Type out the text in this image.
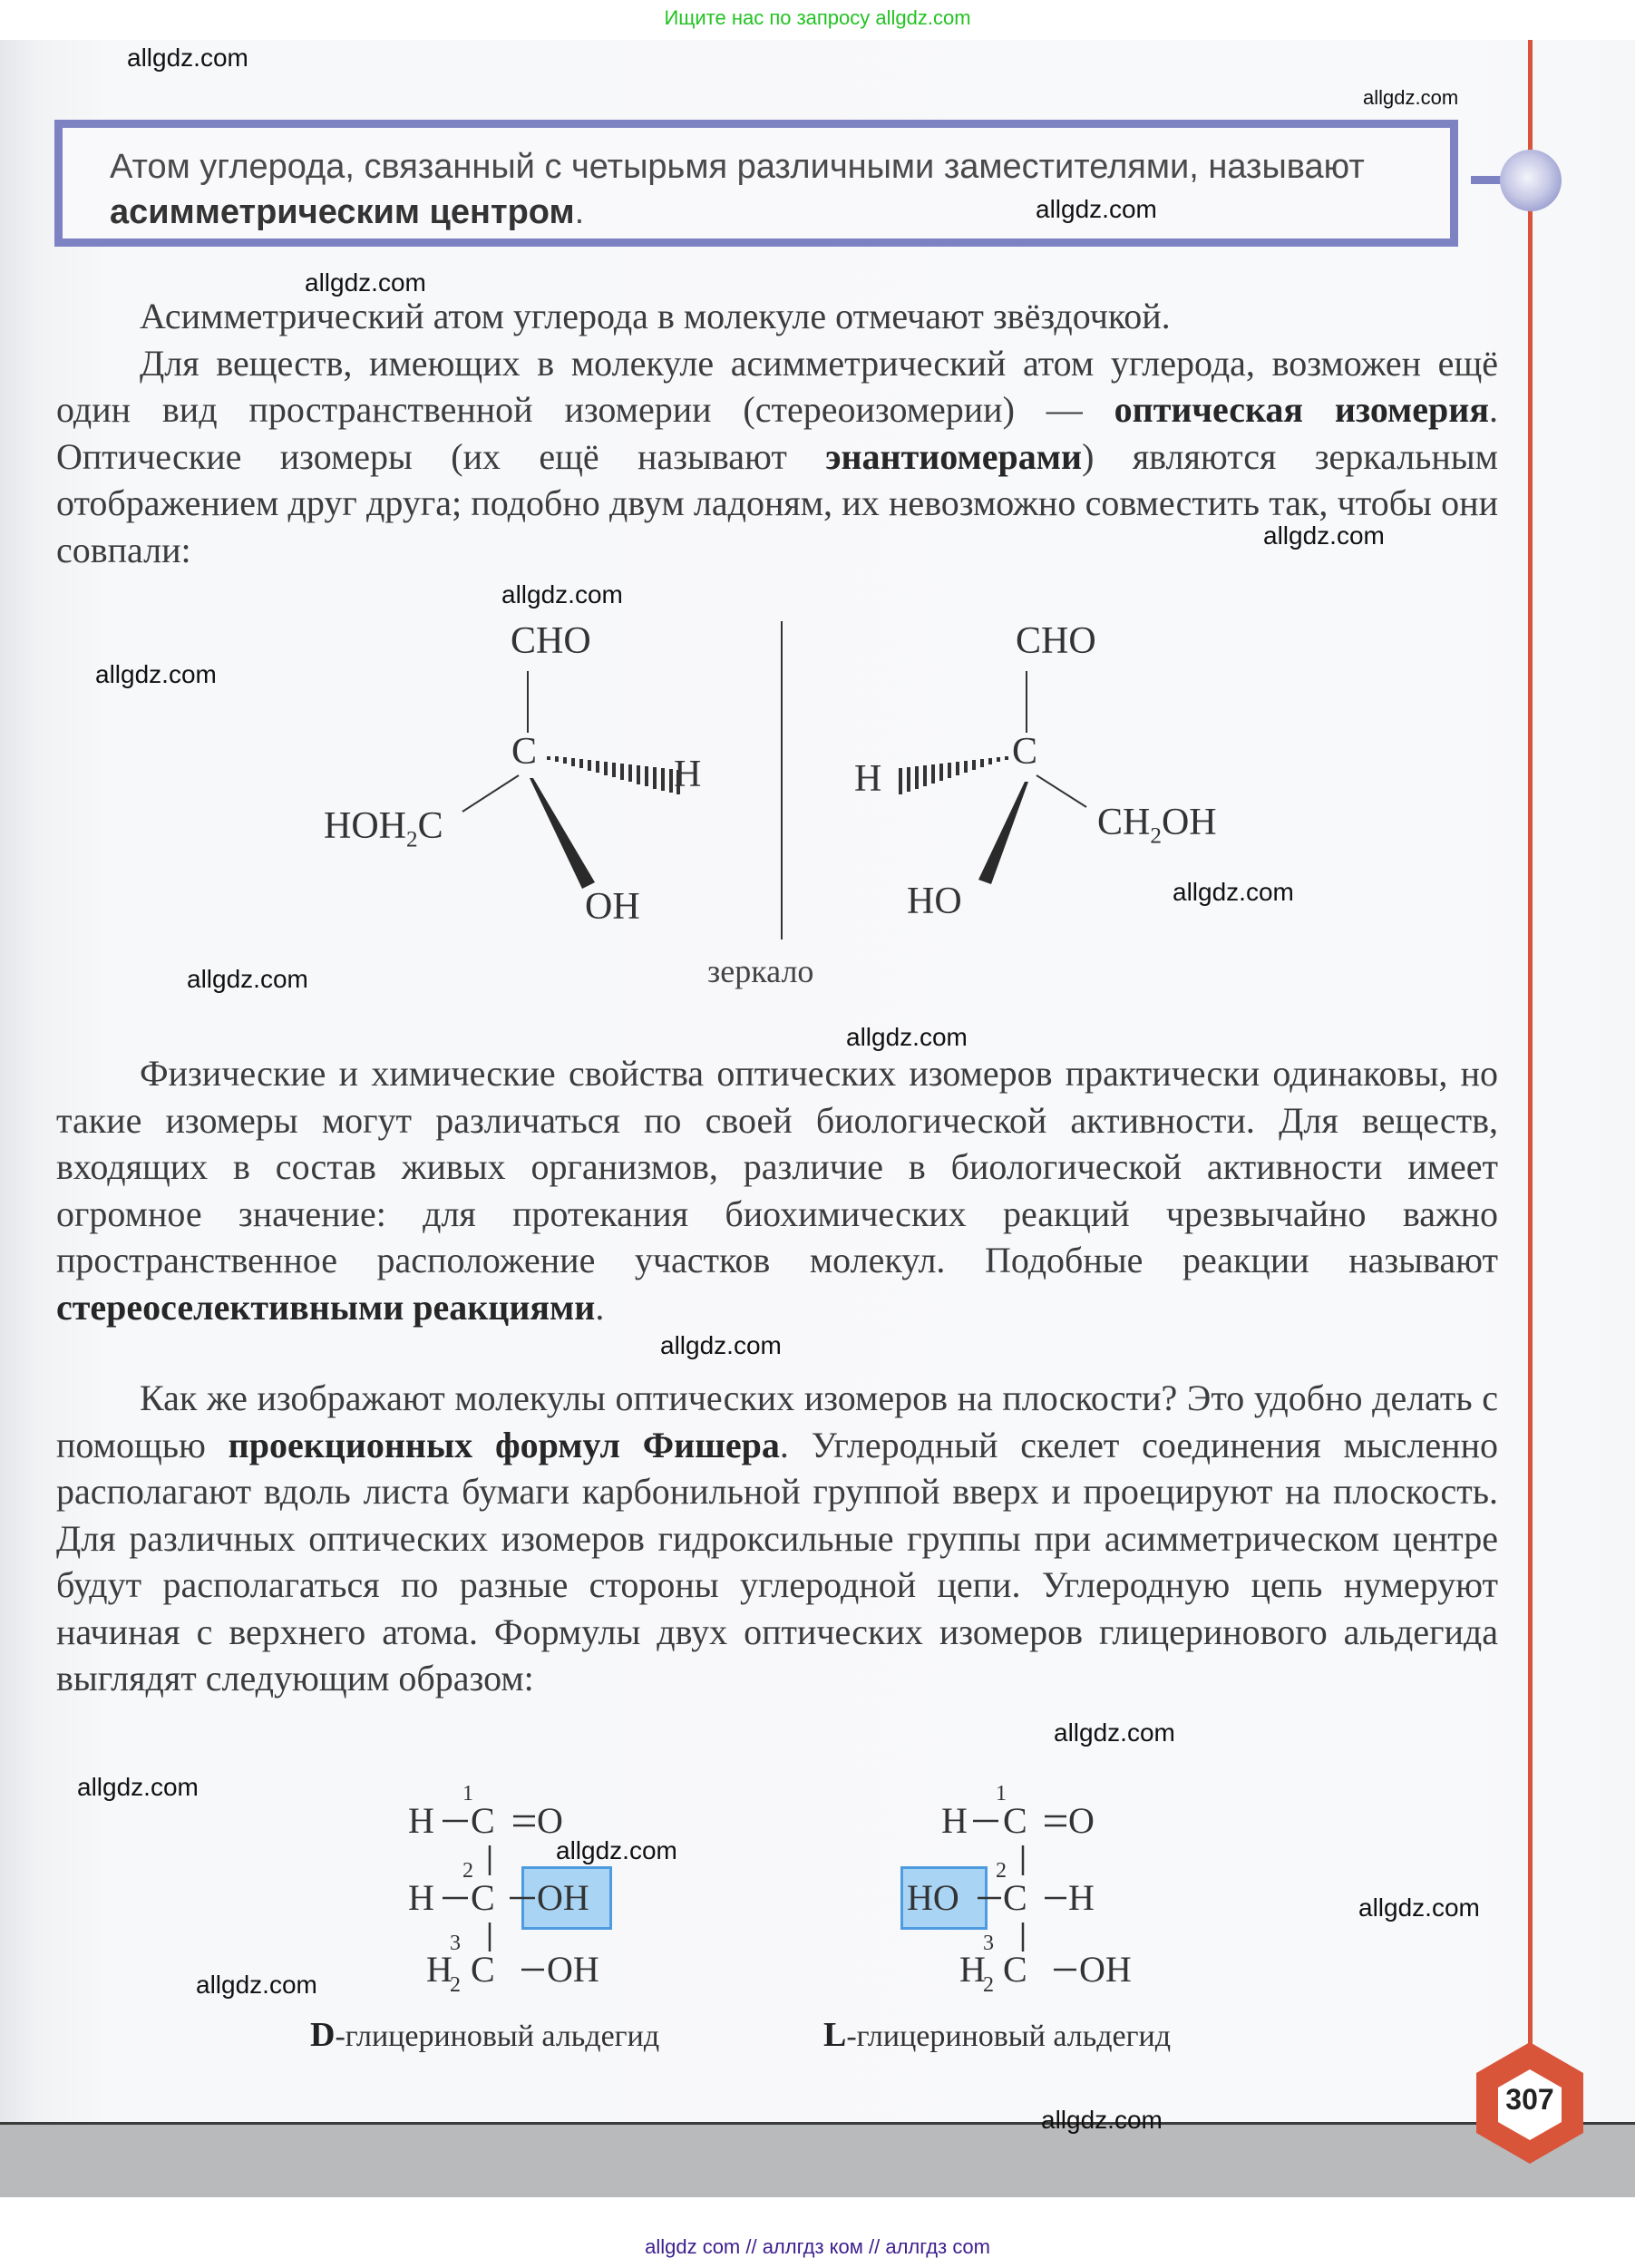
Ищите нас по запросу allgdz.com
Атом углерода, связанный с четырьмя различными заместителями, называют асимметрическим центром.

Асимметрический атом углерода в молекуле отмечают звёздочкой.

Для веществ, имеющих в молекуле асимметрический атом углерода, возможен ещё один вид пространственной изомерии (стереоизомерии) — оптическая изомерия. Оптические изомеры (их ещё называют энантиомерами) являются зеркальным отображением друг друга; подобно двум ладоням, их невозможно совместить так, чтобы они совпали:

CHO
C
H
$HOH_2C$
OH
CHO
C
H
$CH_2OH$
HO
зеркало

Физические и химические свойства оптических изомеров практически одинаковы, но такие изомеры могут различаться по своей биологической активности. Для веществ, входящих в состав живых организмов, различие в биологической активности имеет огромное значение: для протекания биохимических реакций чрезвычайно важно пространственное расположение участков молекул. Подобные реакции называют стереоселективными реакциями.

Как же изображают молекулы оптических изомеров на плоскости? Это удобно делать с помощью проекционных формул Фишера. Углеродный скелет соединения мысленно располагают вдоль листа бумаги карбонильной группой вверх и проецируют на плоскость. Для различных оптических изомеров гидроксильные группы при асимметрическом центре будут располагаться по разные стороны углеродной цепи. Углеродную цепь нумеруют начиная с верхнего атома. Формулы двух оптических изомеров глицеринового альдегида выглядят следующим образом:

H
1
C O
H
2
C OH
H
2
3
C OH
H
1
C O
HO
2
C H
H
2
3
C OH
D-глицериновый альдегид	L-глицериновый альдегид
307
allgdz.com
allgdz.com
allgdz.com
allgdz.com
allgdz.com
allgdz.com
allgdz.com
allgdz.com
allgdz.com
allgdz.com
allgdz.com
allgdz.com
allgdz.com
allgdz.com
allgdz.com
allgdz.com
allgdz.com
allgdz com // аллгдз ком // аллгдз com
